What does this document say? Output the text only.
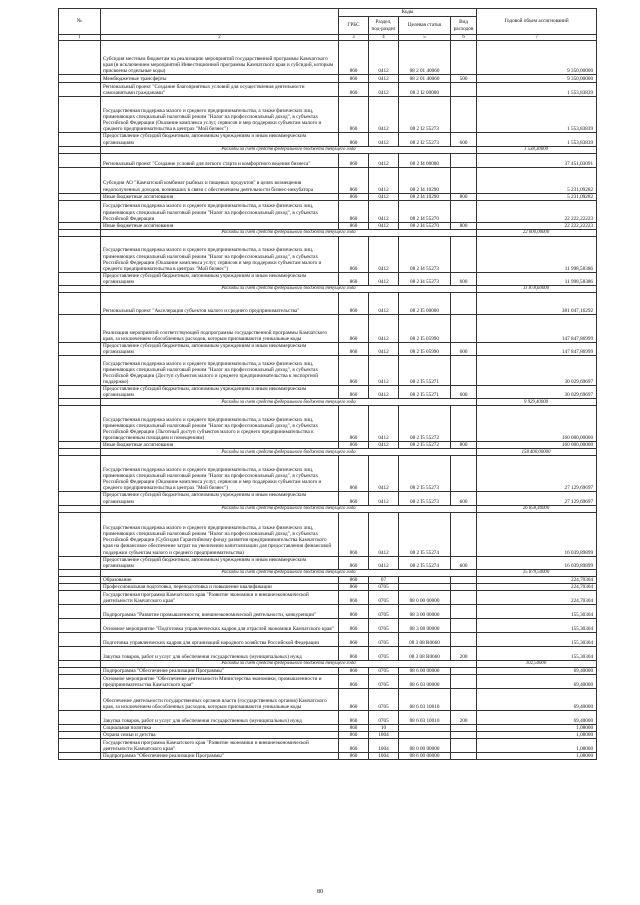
№		Коды				Годовой объем ассигнований
		ГРБС	Раздел, под-раздел	Целевая статья	Вид расходов	
1	2	3	4	5	6	7
	Субсидия местным бюджетам на реализацию мероприятий государственной программы Камчатского края (в исключением мероприятий Инвестиционной программы Камчатского края и субсидий, которым присвоены отдельные коды)	860	0412	08 2 01 40060		9 350,00000
	Межбюджетные трансферты	860	0412	08 2 01 40060	500	9 350,00000
	Региональный проект "Создание благоприятных условий для осуществления деятельности самозанятыми гражданами"	860	0412	08 2 I2 00000		1 553,83839
	Государственная поддержка малого и среднего предпринимательства, а также физических лиц, применяющих специальный налоговый режим "Налог на профессиональный доход", в субъектах Российской Федерации (Оказание комплекса услуг, сервисов и мер поддержки субъектам малого и среднего предпринимательства в центрах "Мой бизнес")	860	0412	08 2 I2 55273		1 553,83839
	Предоставление субсидий бюджетным, автономным учреждениям и иным некоммерческим организациям	860	0412	08 2 I2 55273	600	1 553,83839
	Расходы за счет средств федерального бюджета текущего года					1 538,30000
	Региональный проект "Создание условий для легкого старта и комфортного ведения бизнеса"	860	0412	08 2 I4 00000		37 451,03091
	Субсидия АО "Камчатский комбинат рыбных и пищевых продуктов" в целях возмещения недополученных доходов, возникших в связи с обеспечением деятельности бизнес-инкубатора	860	0412	08 2 I4 10290		5 231,09282
	Иные бюджетные ассигнования	860	0412	08 2 I4 10290	800	5 231,09282
	Государственная поддержка малого и среднего предпринимательства, а также физических лиц, применяющих специальный налоговый режим "Налог на профессиональный доход", в субъектах Российской Федерации	860	0412	08 2 I4 55270		22 222,22223
	Иные бюджетные ассигнования	860	0412	08 2 I4 55270	800	22 222,22223
	Расходы за счет средств федерального бюджета текущего года					22 000,00000
	Государственная поддержка малого и среднего предпринимательства, а также физических лиц, применяющих специальный налоговый режим "Налог на профессиональный доход", в субъектах Российской Федерации (Оказание комплекса услуг, сервисов и мер поддержки субъектам малого и среднего предпринимательства в центрах "Мой бизнес")	860	0412	08 2 I4 55273		11 998,58386
	Предоставление субсидий бюджетным, автономным учреждениям и иным некоммерческим организациям	860	0412	08 2 I4 55273	600	11 998,58386
	Расходы за счет средств федерального бюджета текущего года					11 878,60000
	Региональный проект "Акселерация субъектов малого и среднего предпринимательства"	860	0412	08 2 I5 00000		381 047,16292
	Реализация мероприятий соответствующей подпрограммы государственной программы Камчатского края, за исключением обособленных расходов, которым присваиваются уникальные коды	860	0412	08 2 I5 05990		147 847,86999
	Предоставление субсидий бюджетным, автономным учреждениям и иным некоммерческим организациям	860	0412	08 2 I5 05990	600	147 847,86999
	Государственная поддержка малого и среднего предпринимательства, а также физических лиц, применяющих специальный налоговый режим "Налог на профессиональный доход", в субъектах Российской Федерации (Доступ субъектов малого и среднего предпринимательства к экспортной поддержке)	860	0412	08 2 I5 55271		30 029,69697
	Предоставление субсидий бюджетным, автономным учреждениям и иным некоммерческим организациям	860	0412	08 2 I5 55271	600	30 029,69697
	Расходы за счет средств федерального бюджета текущего года					9 929,40000
	Государственная поддержка малого и среднего предпринимательства, а также физических лиц, применяющих специальный налоговый режим "Налог на профессиональный доход", в субъектах Российской Федерации (Льготный доступ субъектов малого и среднего предпринимательства к производственным площадям и помещениям)	860	0412	08 2 I5 55272		160 000,00000
	Иные бюджетные ассигнования	860	0412	08 2 I5 55272	800	160 000,00000
	Расходы за счет средств федерального бюджета текущего года					158 400,00000
	Государственная поддержка малого и среднего предпринимательства, а также физических лиц, применяющих специальный налоговый режим "Налог на профессиональный доход", в субъектах Российской Федерации (Оказание комплекса услуг, сервисов и мер поддержки субъектам малого и среднего предпринимательства в центрах "Мой бизнес")	860	0412	08 2 I5 55273		27 129,69697
	Предоставление субсидий бюджетным, автономным учреждениям и иным некоммерческим организациям	860	0412	08 2 I5 55273	600	27 129,69697
	Расходы за счет средств федерального бюджета текущего года					26 858,40000
	Государственная поддержка малого и среднего предпринимательства, а также физических лиц, применяющих специальный налоговый режим "Налог на профессиональный доход", в субъектах Российской Федерации (Субсидия Гарантийному фонду развития предпринимательства Камчатского края на финансовое обеспечение затрат на увеличение капитализации для предоставления финансовой поддержки субъектам малого и среднего предпринимательства)	860	0412	08 2 I5 55274		16 039,89899
	Предоставление субсидий бюджетным, автономным учреждениям и иным некоммерческим организациям	860	0412	08 2 I5 55274	600	16 039,89899
	Расходы за счет средств федерального бюджета текущего года					15 879,50000
	Образование	860	07			224,70304
	Профессиональная подготовка, переподготовка и повышение квалификации	860	0705			224,70304
	Государственная программа Камчатского края "Развитие экономики и внешнеэкономической деятельности Камчатского края"	860	0705	08 0 00 00000		224,70304
	Подпрограмма "Развитие промышленности, внешнеэкономической деятельности, конкуренции"	860	0705	08 3 00 00000		155,30304
	Основное мероприятие "Подготовка управленческих кадров для отраслей экономики Камчатского края"	860	0705	08 3 08 00000		155,30304
	Подготовка управленческих кадров для организаций народного хозяйства Российской Федерации	860	0705	08 3 08 R0660		155,30304
	Закупка товаров, работ и услуг для обеспечения государственных (муниципальных) нужд	860	0705	08 3 08 R0660	200	155,30304
	Расходы за счет средств федерального бюджета текущего года					102,50000
	Подпрограмма "Обеспечение реализации Программы"	860	0705	08 6 00 00000		69,40000
	Основное мероприятие "Обеспечение деятельности Министерства экономики, промышленности и предпринимательства Камчатского края"	860	0705	08 6 03 00000		69,40000
	Обеспечение деятельности государственных органов власти (государственных органов) Камчатского края, за исключением обособленных расходов, которым присваиваются уникальные коды	860	0705	08 6 03 10010		69,40000
	Закупка товаров, работ и услуг для обеспечения государственных (муниципальных) нужд	860	0705	08 6 03 10010	200	69,40000
	Социальная политика	860	10			1,08000
	Охрана семьи и детства	860	1004			1,08000
	Государственная программа Камчатского края "Развитие экономики и внешнеэкономической деятельности Камчатского края"	860	1004	08 0 00 00000		1,08000
	Подпрограмма "Обеспечение реализации Программы"	860	1004	08 6 00 00000		1,08000
80
